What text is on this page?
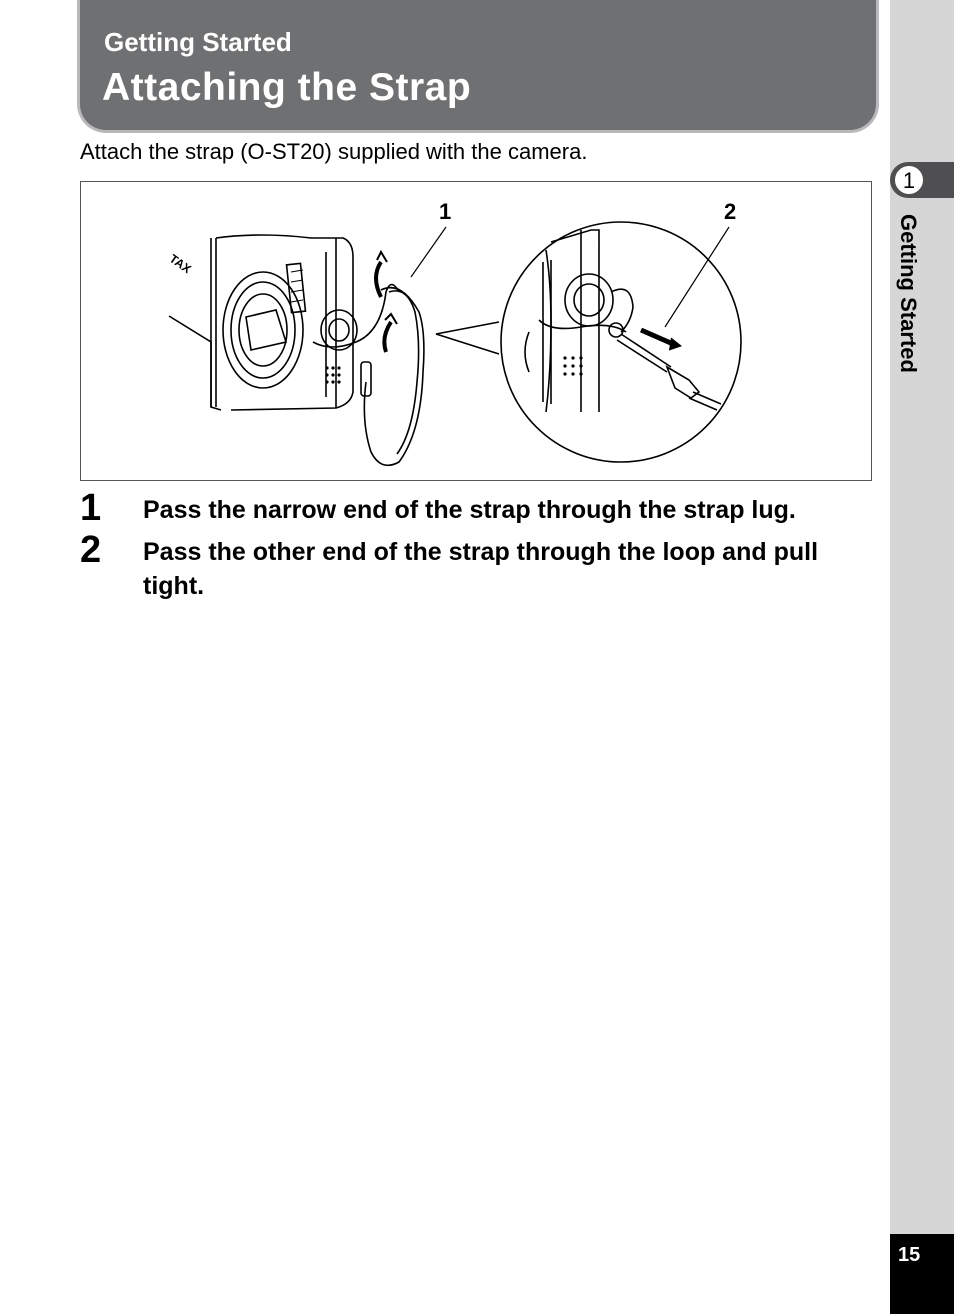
Getting Started
Attaching the Strap
Attach the strap (O-ST20) supplied with the camera.
TAX
1	2
1 Pass the narrow end of the strap through the strap lug.
2 Pass the other end of the strap through the loop and pull tight.
1
Getting Started
15
